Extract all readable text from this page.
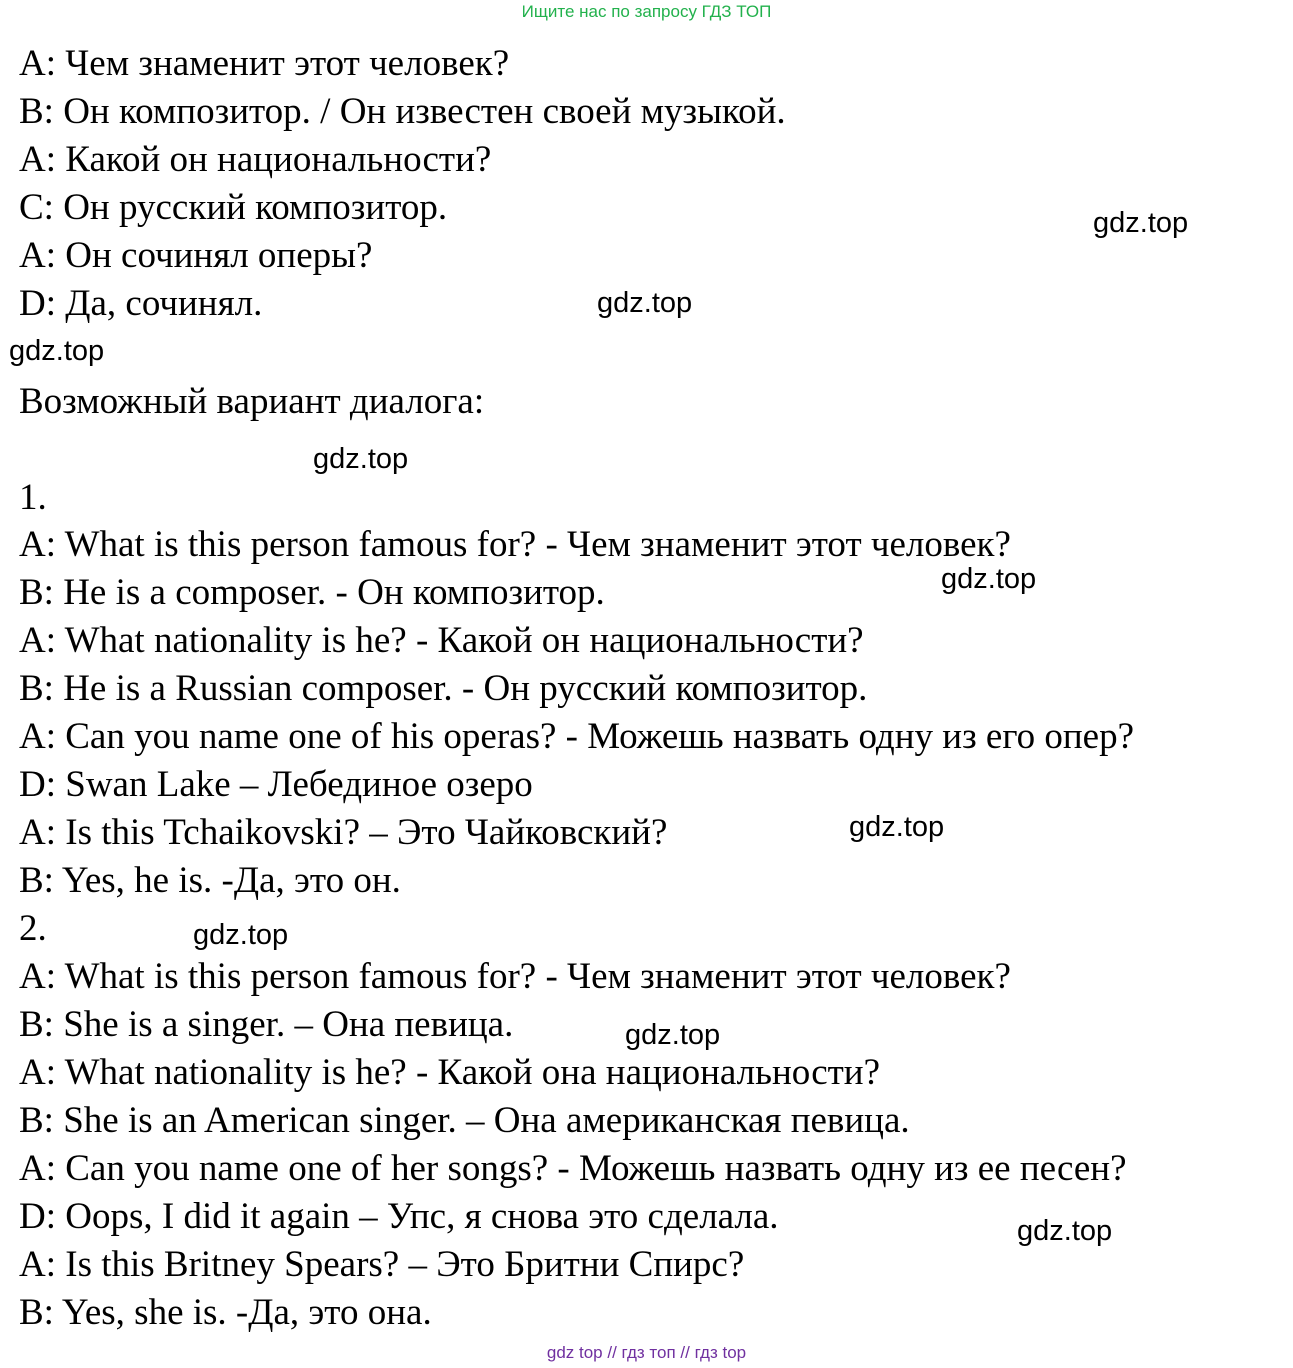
Ищите нас по запросу ГДЗ ТОП
A: Чем знаменит этот человек?
B: Он композитор. / Он известен своей музыкой.
A: Какой он национальности?
C: Он русский композитор.
A: Он сочинял оперы?
D: Да, сочинял.
Возможный вариант диалога:
1.
A: What is this person famous for? - Чем знаменит этот человек?
B: He is a composer. - Он композитор.
A: What nationality is he? - Какой он национальности?
B: He is a Russian composer. - Он русский композитор.
A: Can you name one of his operas? - Можешь назвать одну из его опер?
D: Swan Lake – Лебединое озеро
A: Is this Tchaikovski? – Это Чайковский?
B: Yes, he is. -Да, это он.
2.
A: What is this person famous for? - Чем знаменит этот человек?
B: She is a singer. – Она певица.
A: What nationality is he? - Какой она национальности?
B: She is an American singer. – Она американская певица.
A: Can you name one of her songs? - Можешь назвать одну из ее песен?
D: Oops, I did it again – Упс, я снова это сделала.
A: Is this Britney Spears? – Это Бритни Спирс?
B: Yes, she is. -Да, это она.
gdz.top
gdz.top
gdz.top
gdz.top
gdz.top
gdz.top
gdz.top
gdz.top
gdz.top
gdz top // гдз топ // гдз top
